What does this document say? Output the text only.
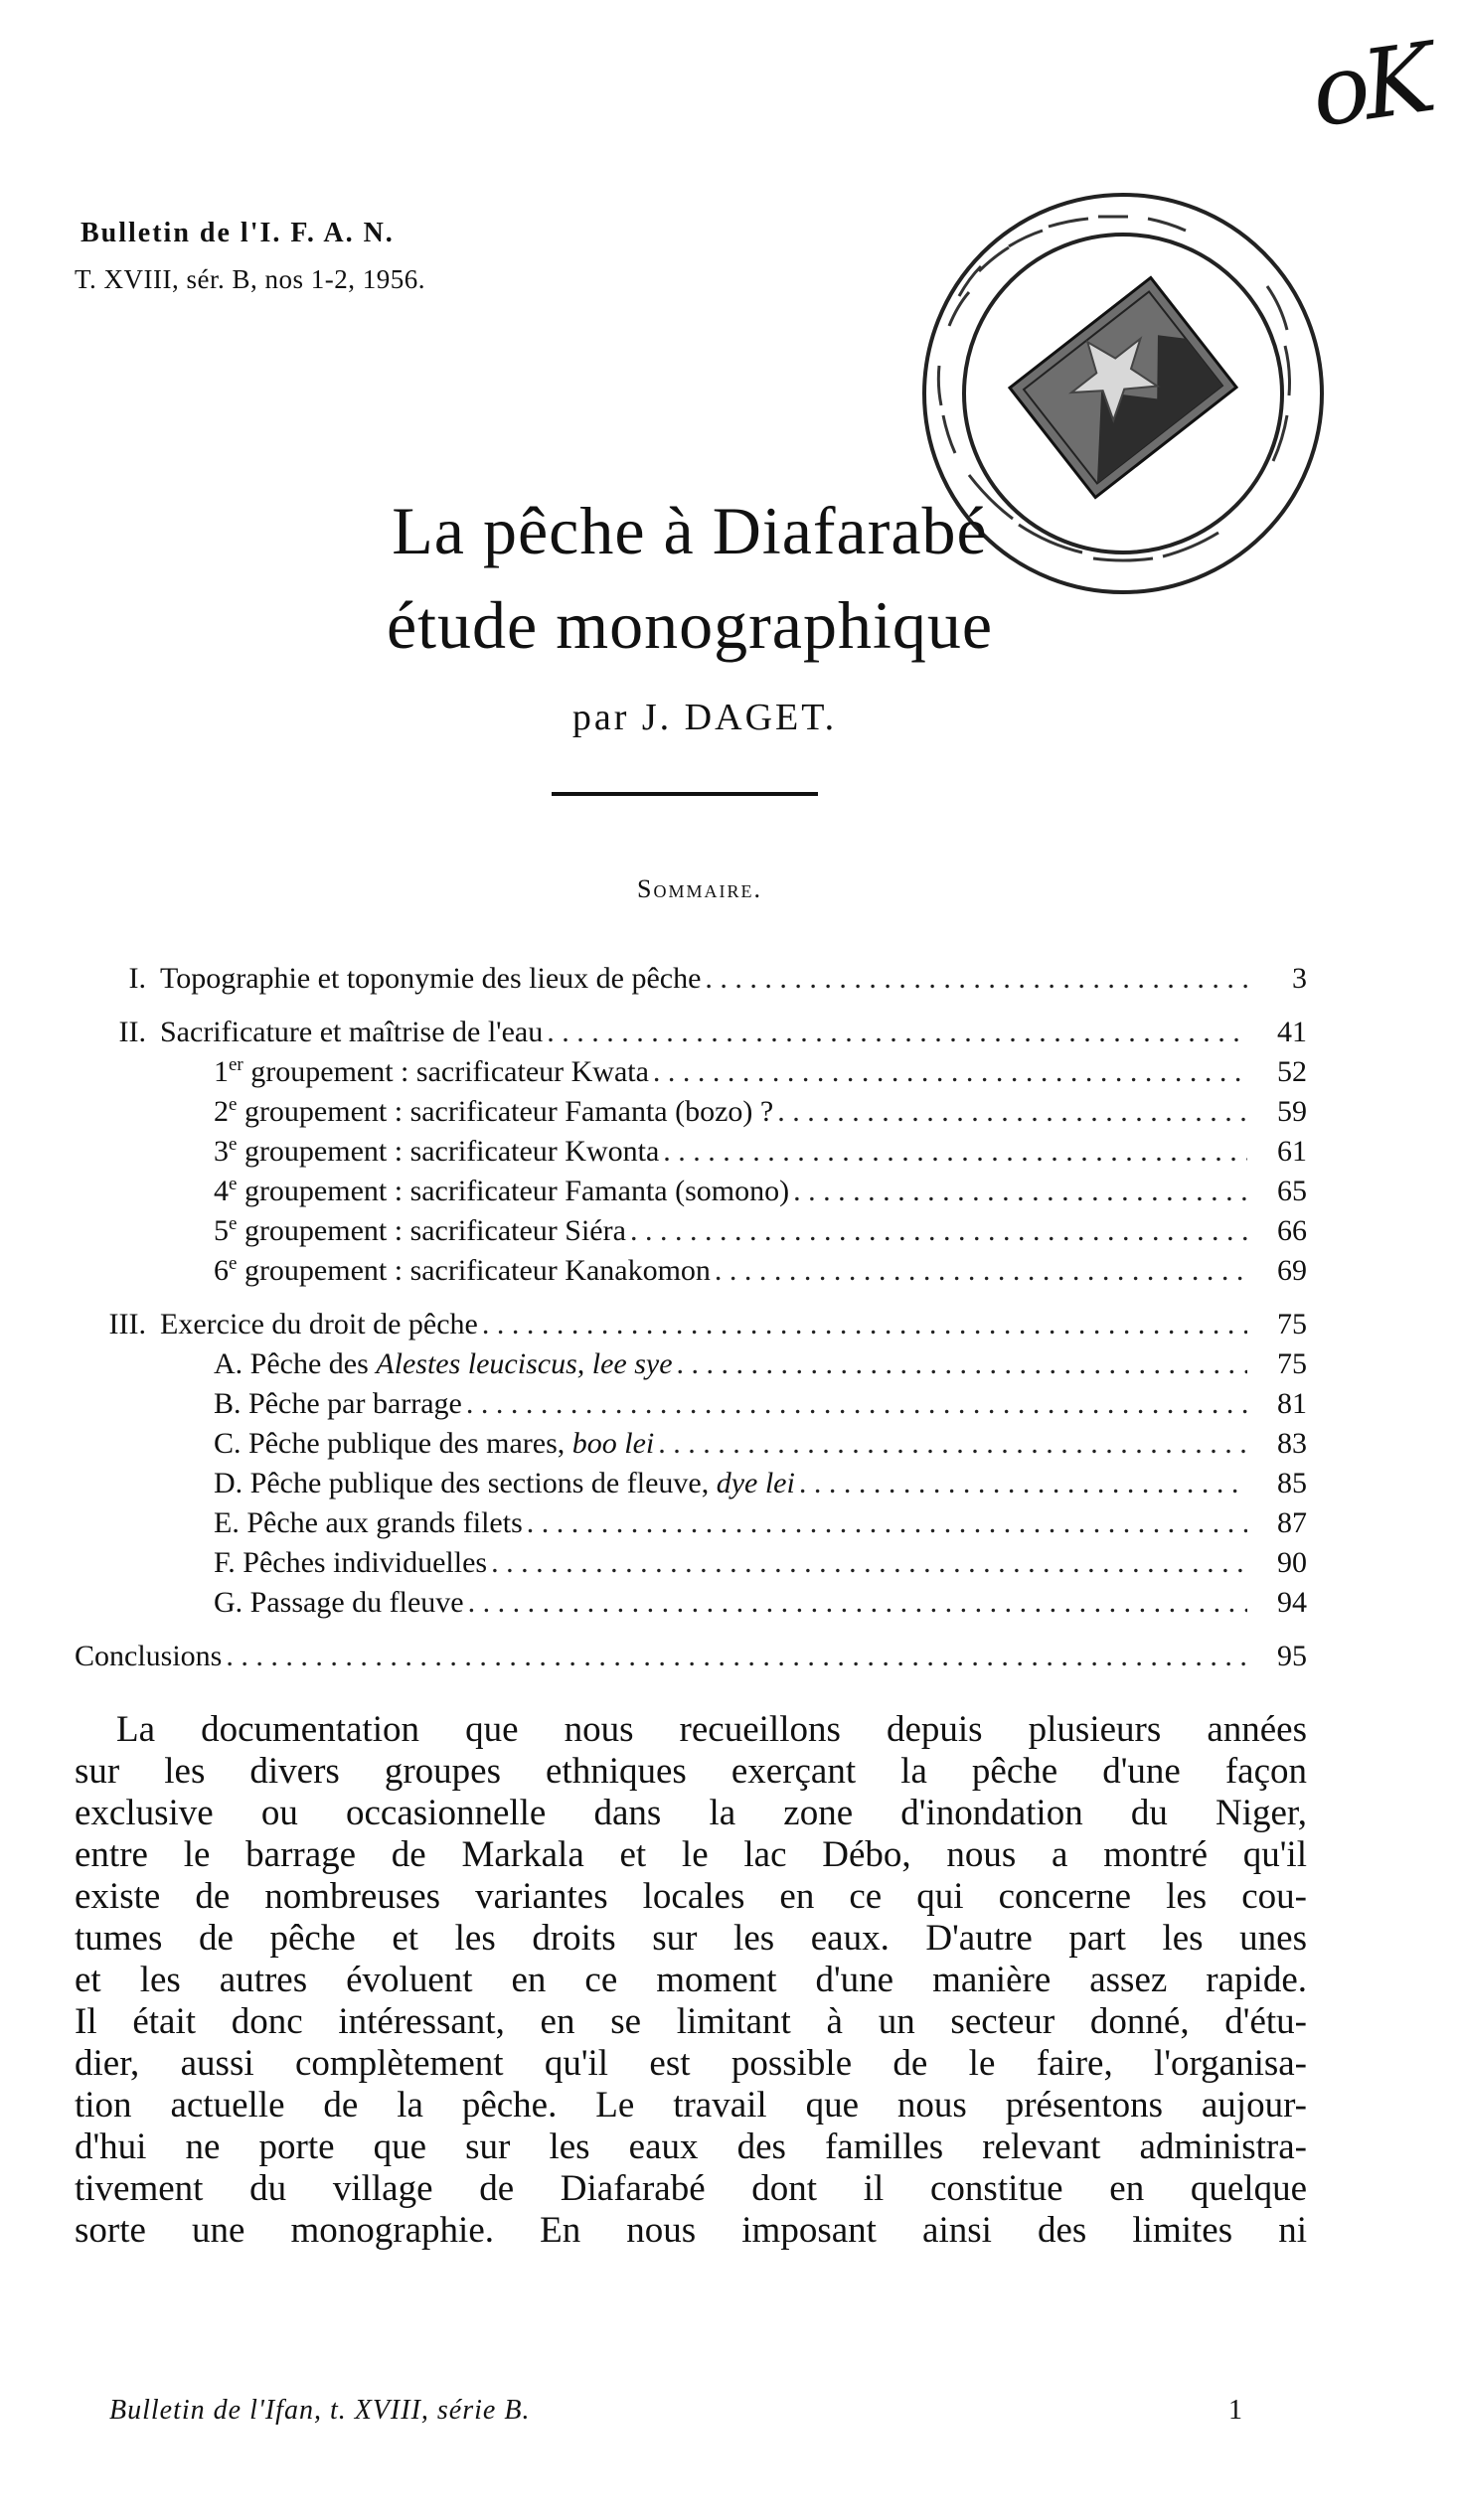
oK
Bulletin de l'I. F. A. N.
T. XVIII, sér. B, nos 1-2, 1956.
La pêche à Diafarabé
étude monographique
par J. DAGET.
Sommaire.
I. Topographie et toponymie des lieux de pêche . . .	3
II. Sacrificature et maîtrise de l'eau . . .	41
1er groupement : sacrificateur Kwata . . .	52
2e groupement : sacrificateur Famanta (bozo) ? . . .	59
3e groupement : sacrificateur Kwonta . . .	61
4e groupement : sacrificateur Famanta (somono) . . .	65
5e groupement : sacrificateur Siéra . . .	66
6e groupement : sacrificateur Kanakomon . . .	69
III. Exercice du droit de pêche . . .	75
A. Pêche des Alestes leuciscus, lee sye . . .	75
B. Pêche par barrage . . .	81
C. Pêche publique des mares, boo lei . . .	83
D. Pêche publique des sections de fleuve, dye lei . . .	85
E. Pêche aux grands filets . . .	87
F. Pêches individuelles . . .	90
G. Passage du fleuve . . .	94
Conclusions . . .	95
La documentation que nous recueillons depuis plusieurs années
sur les divers groupes ethniques exerçant la pêche d'une façon
exclusive ou occasionnelle dans la zone d'inondation du Niger,
entre le barrage de Markala et le lac Débo, nous a montré qu'il
existe de nombreuses variantes locales en ce qui concerne les cou-
tumes de pêche et les droits sur les eaux. D'autre part les unes
et les autres évoluent en ce moment d'une manière assez rapide.
Il était donc intéressant, en se limitant à un secteur donné, d'étu-
dier, aussi complètement qu'il est possible de le faire, l'organisa-
tion actuelle de la pêche. Le travail que nous présentons aujour-
d'hui ne porte que sur les eaux des familles relevant administra-
tivement du village de Diafarabé dont il constitue en quelque
sorte une monographie. En nous imposant ainsi des limites ni
Bulletin de l'Ifan, t. XVIII, série B.	1
